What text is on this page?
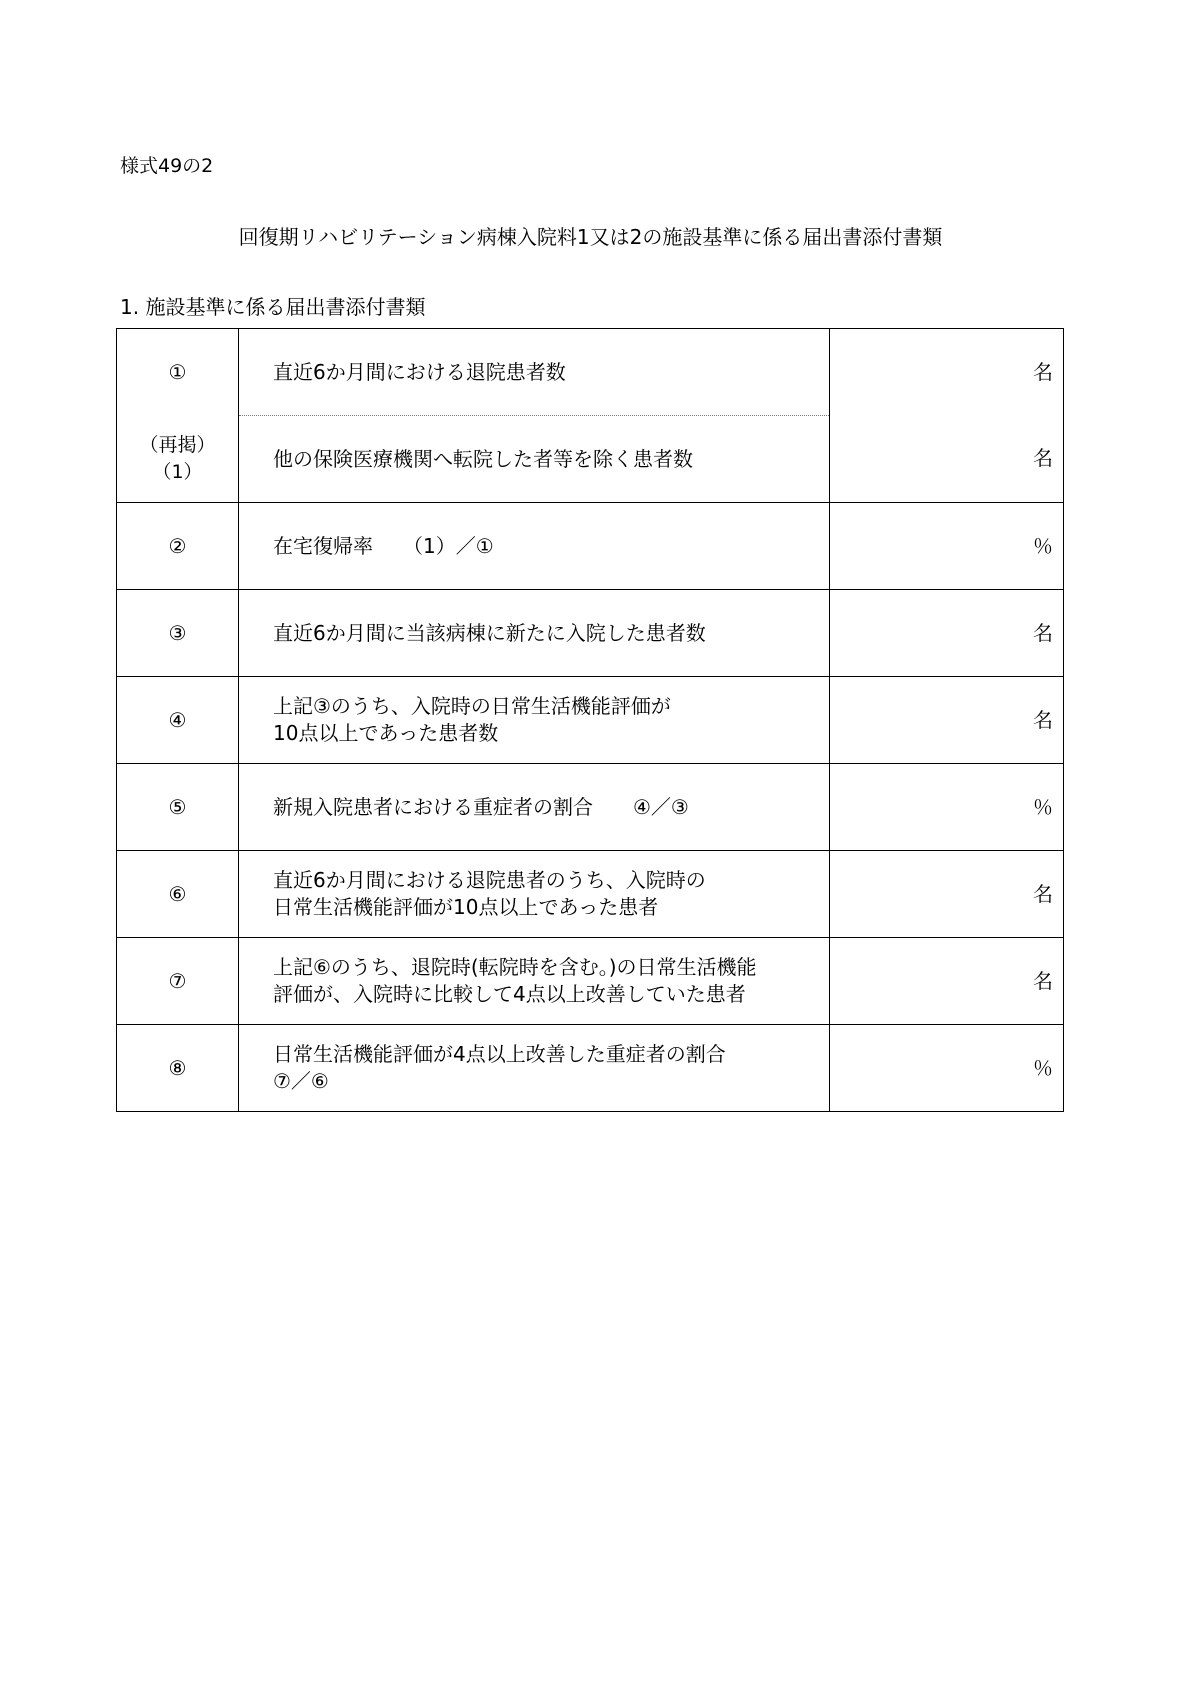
様式49の2
回復期リハビリテーション病棟入院料1又は2の施設基準に係る届出書添付書類
1. 施設基準に係る届出書添付書類
①	直近6か月間における退院患者数	名

（再掲）
（1）	他の保険医療機関へ転院した者等を除く患者数	名
②	在宅復帰率　　（1）／①	％
③	直近6か月間に当該病棟に新たに入院した患者数	名
④	上記③のうち、入院時の日常生活機能評価が
10点以上であった患者数	名
⑤	新規入院患者における重症者の割合　　④／③	％
⑥	直近6か月間における退院患者のうち、入院時の
日常生活機能評価が10点以上であった患者	名
⑦	上記⑥のうち、退院時(転院時を含む。)の日常生活機能
評価が、入院時に比較して4点以上改善していた患者	名
⑧	日常生活機能評価が4点以上改善した重症者の割合
⑦／⑥	％
